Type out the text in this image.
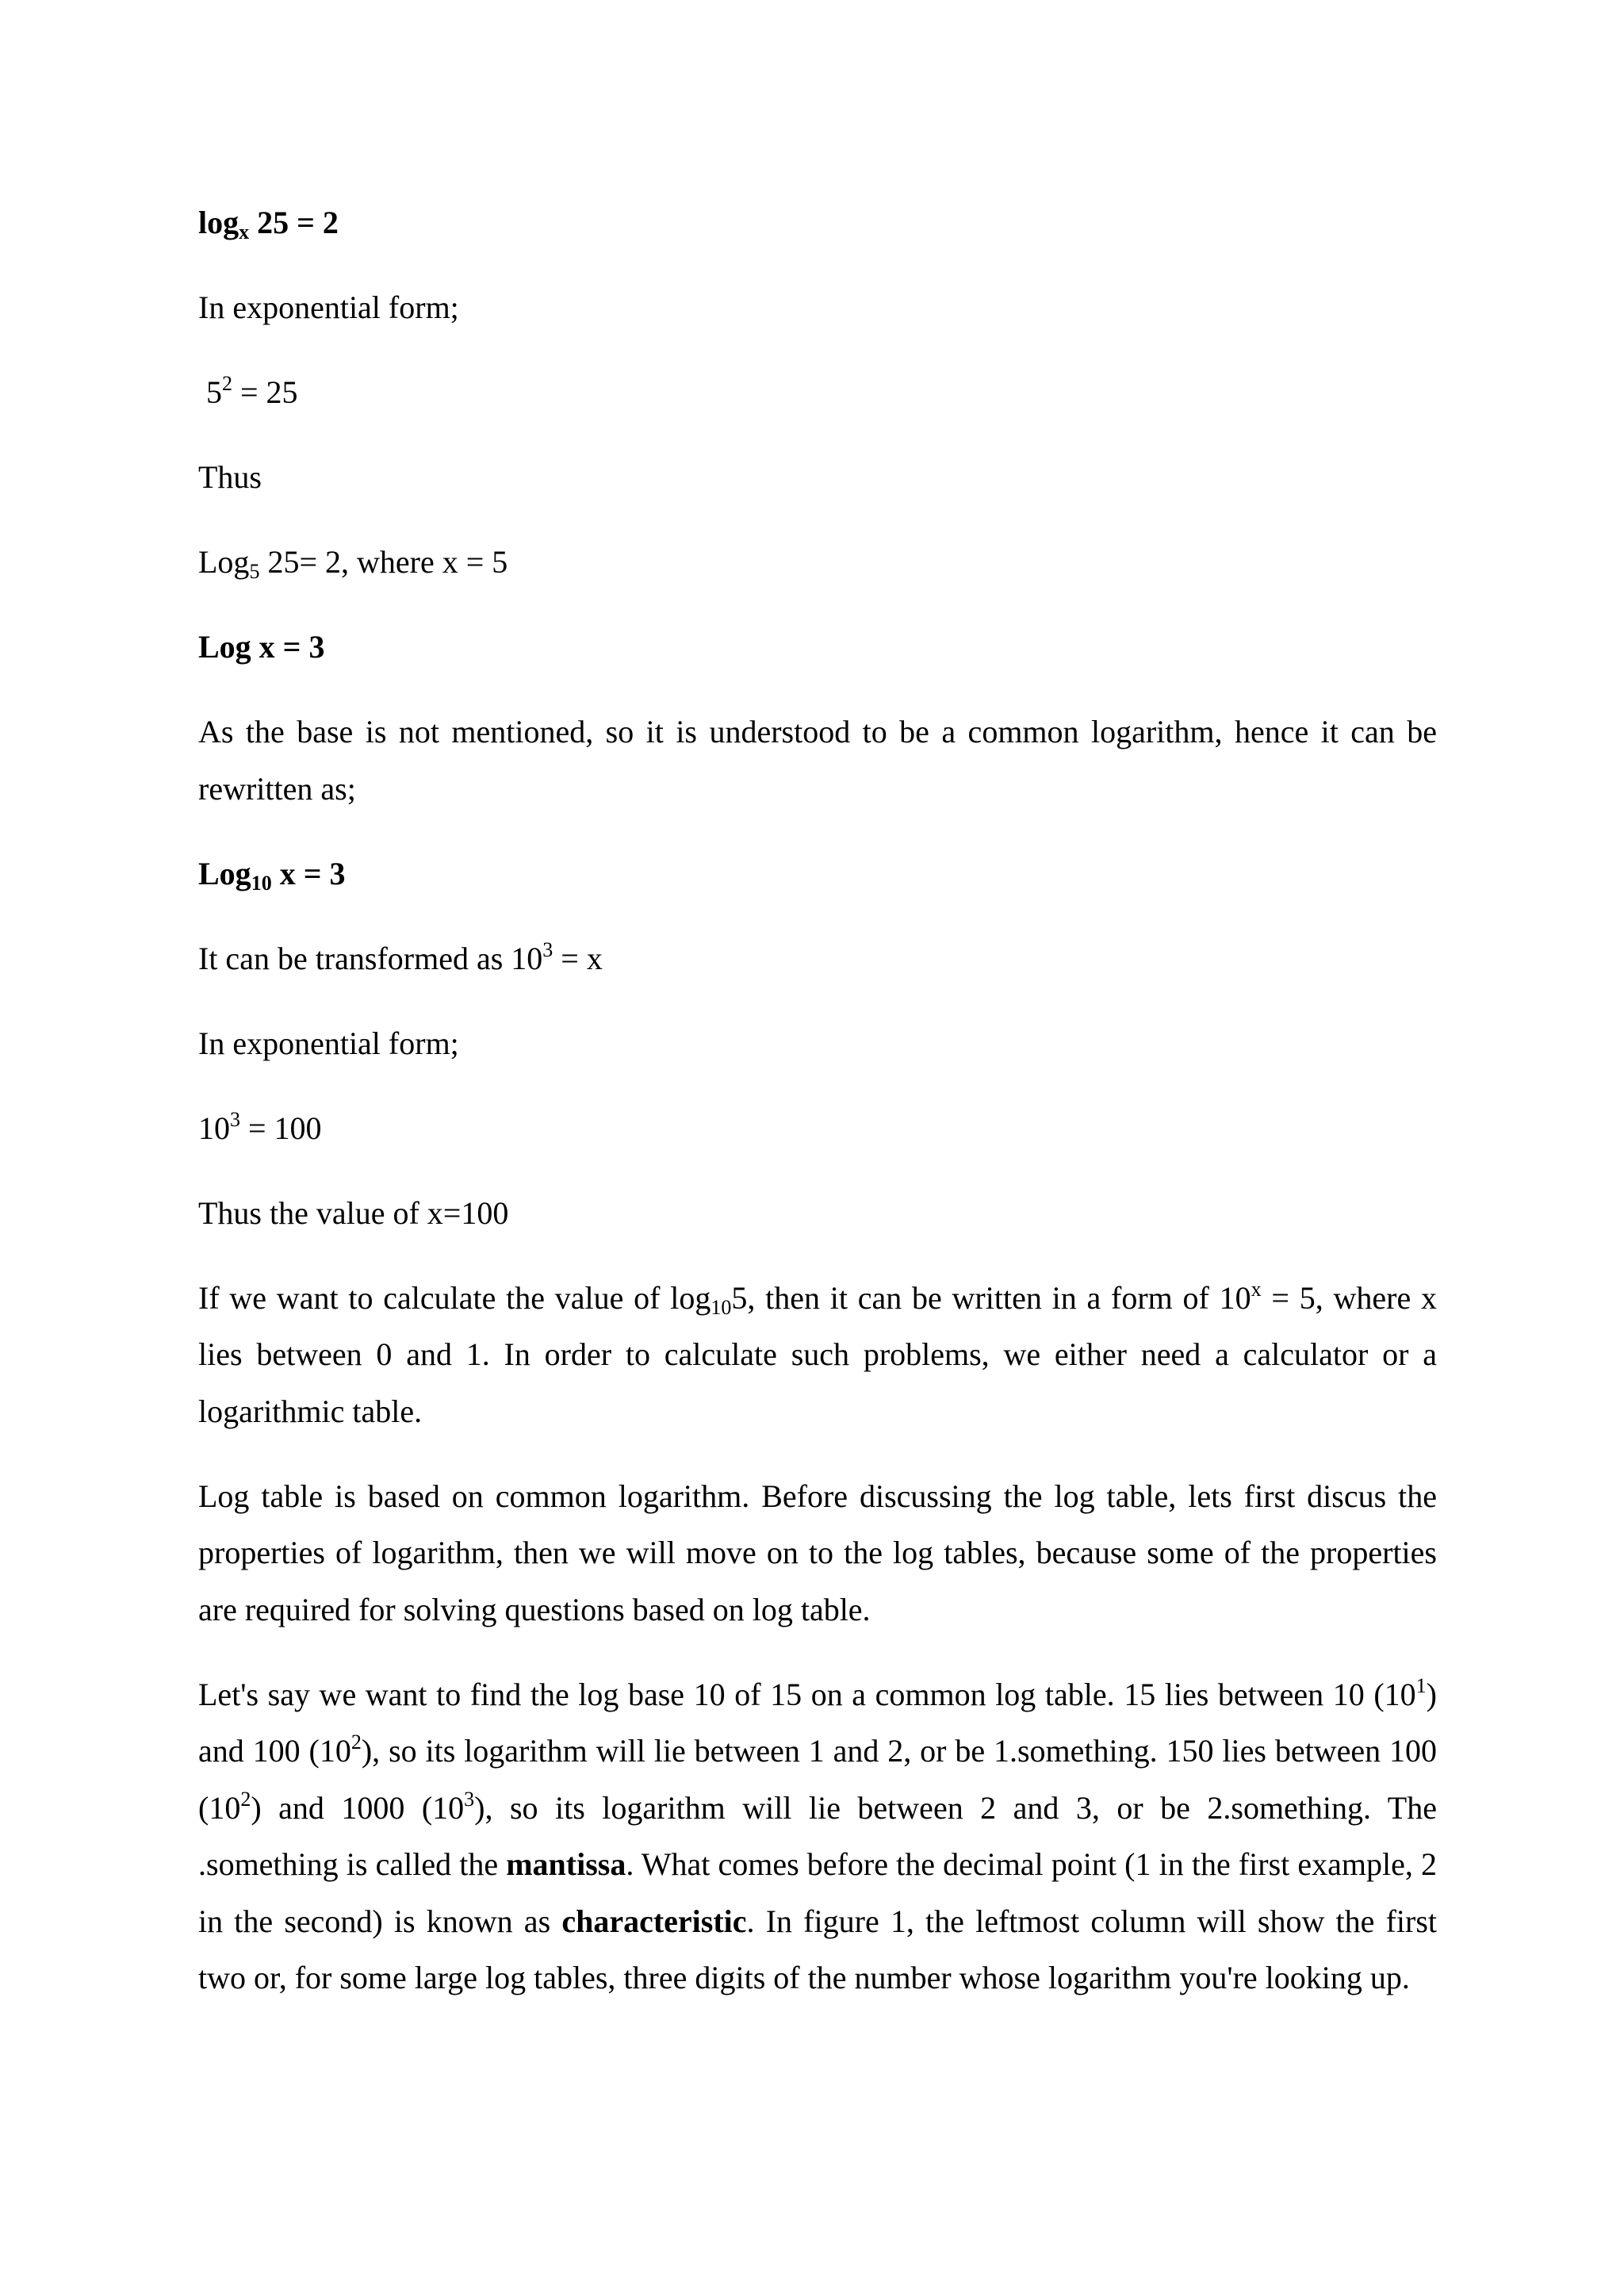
$\log_x 25 = 2$
In exponential form;
$5^2 = 25$
Thus
Log$_5$ 25= 2, where x = 5
Log x = 3
As the base is not mentioned, so it is understood to be a common logarithm, hence it can be rewritten as;
Log$_{10}$ x = 3
It can be transformed as $10^3 = x$
In exponential form;
$10^3 = 100$
Thus the value of x=100
If we want to calculate the value of $\log_{10}5$, then it can be written in a form of $10^x = 5$, where x lies between 0 and 1. In order to calculate such problems, we either need a calculator or a logarithmic table.
Log table is based on common logarithm. Before discussing the log table, lets first discus the properties of logarithm, then we will move on to the log tables, because some of the properties are required for solving questions based on log table.
Let's say we want to find the log base 10 of 15 on a common log table. 15 lies between 10 $(10^1)$ and 100 $(10^2)$, so its logarithm will lie between 1 and 2, or be 1.something. 150 lies between 100 $(10^2)$ and 1000 $(10^3)$, so its logarithm will lie between 2 and 3, or be 2.something. The .something is called the mantissa. What comes before the decimal point (1 in the first example, 2 in the second) is known as characteristic. In figure 1, the leftmost column will show the first two or, for some large log tables, three digits of the number whose logarithm you're looking up.
